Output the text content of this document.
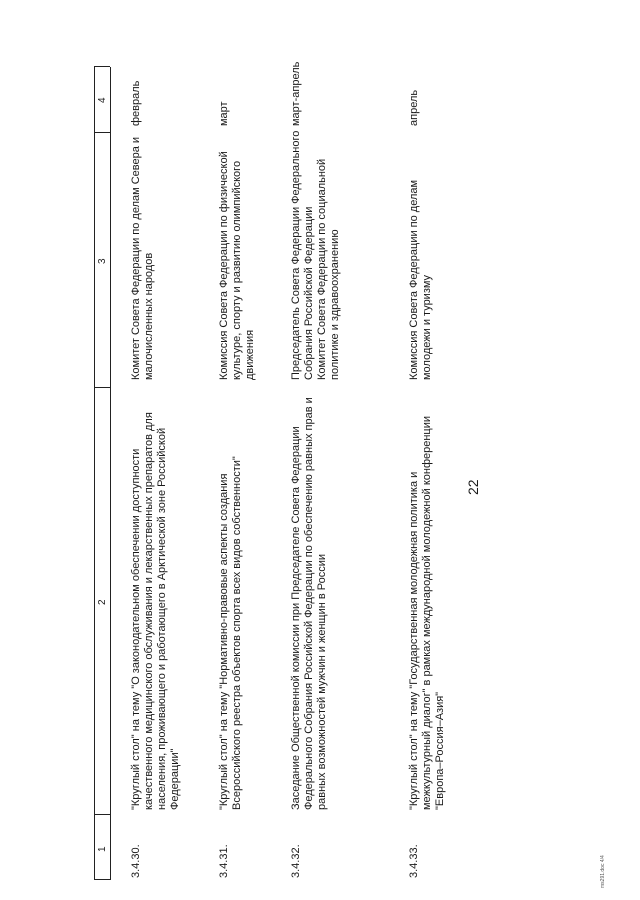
22
1
2
3
4
3.4.30.
"Круглый стол" на тему "О законодательном обеспечении доступности качественного медицинского обслуживания и лекарственных препаратов для населения, проживающего и работающего в Арктической зоне Российской Федерации"
Комитет Совета Федерации по делам Севера и малочисленных народов
февраль
3.4.31.
"Круглый стол" на тему "Нормативно-правовые аспекты создания Всероссийского реестра объектов спорта всех видов собственности"
Комиссия Совета Федерации по физической культуре, спорту и развитию олимпийского движения
март
3.4.32.
Заседание Общественной комиссии при Председателе Совета Федерации Федерального Собрания Российской Федерации по обеспечению равных прав и равных возможностей мужчин и женщин в России
Председатель Совета Федерации Федерального Собрания Российской Федерации
Комитет Совета Федерации по социальной политике и здравоохранению
март-апрель
3.4.33.
"Круглый стол" на тему "Государственная молодежная политика и межкультурный диалог" в рамках международной молодежной конференции "Европа–Россия–Азия"
Комиссия Совета Федерации по делам молодежи и туризму
апрель
ms291.doc 4/4
